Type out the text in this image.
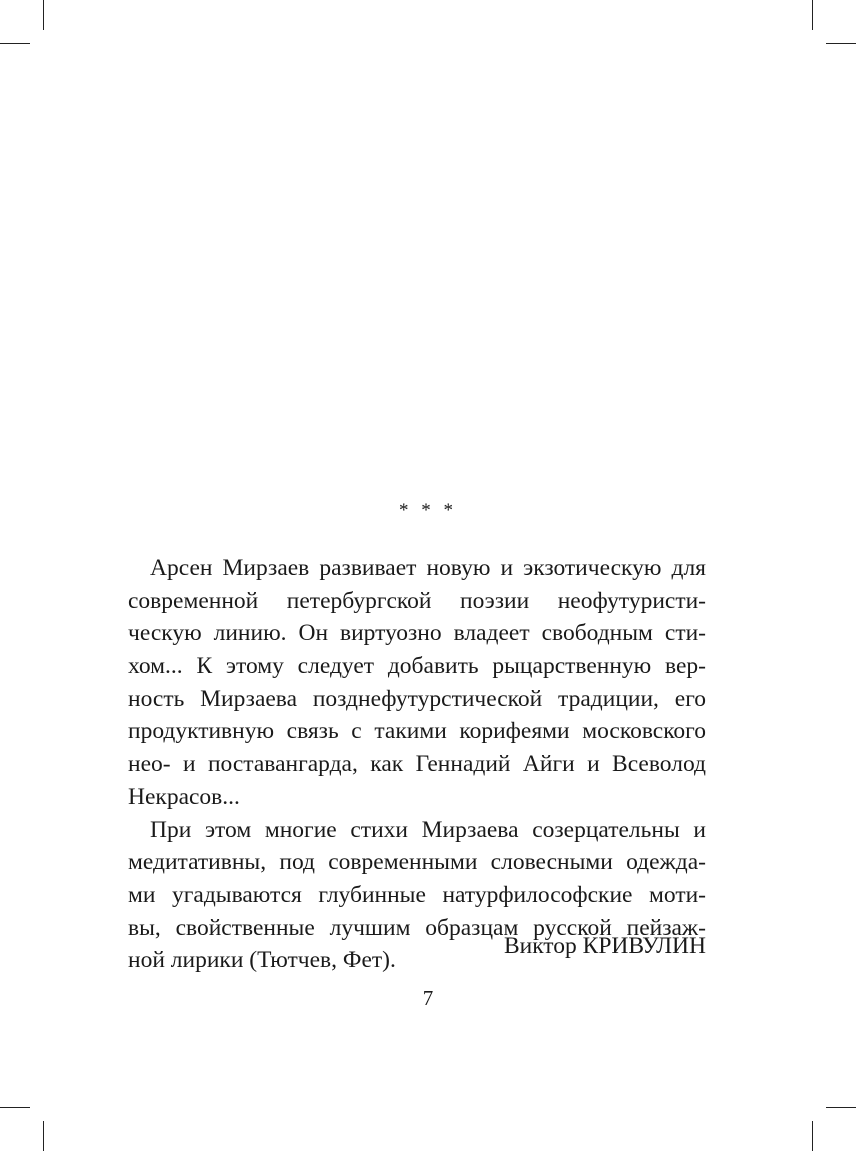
* * *
Арсен Мирзаев развивает новую и экзотическую для
современной петербургской поэзии неофутуристи-
ческую линию. Он виртуозно владеет свободным сти-
хом... К этому следует добавить рыцарственную вер-
ность Мирзаева позднефутурстической традиции, его
продуктивную связь с такими корифеями московского
нео- и поставангарда, как Геннадий Айги и Всеволод
Некрасов...
При этом многие стихи Мирзаева созерцательны и
медитативны, под современными словесными одежда-
ми угадываются глубинные натурфилософские моти-
вы, свойственные лучшим образцам русской пейзаж-
ной лирики (Тютчев, Фет).
Виктор КРИВУЛИН
7
